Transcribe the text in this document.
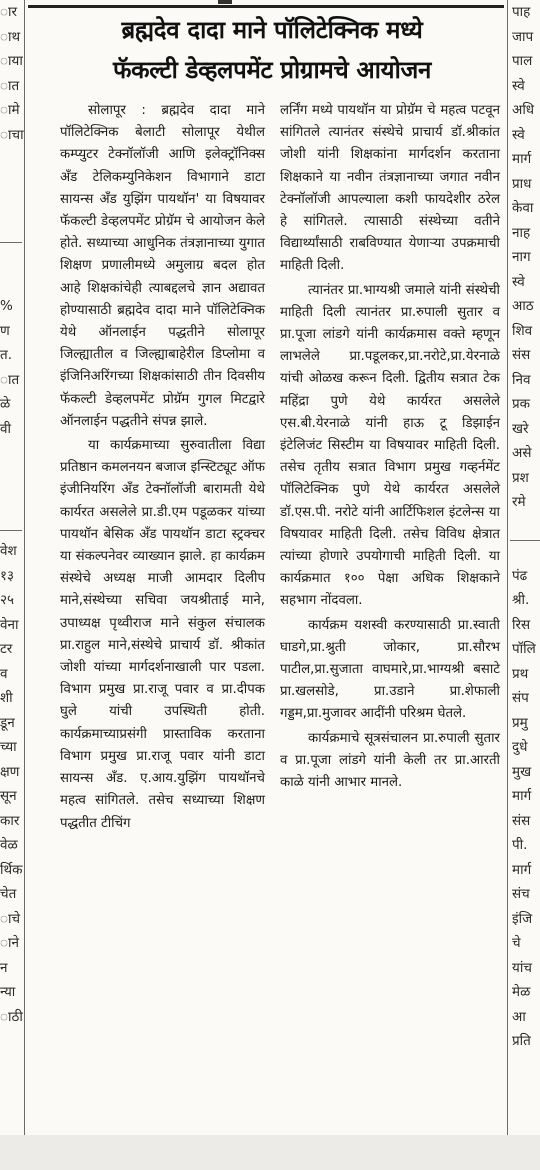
ार
ाथ
ाया
ात
ामे
ाचा
%
ण
त.
ात
ळे
वी
वेश
१३
२५
वेना
टर
व
शी
डून
च्या
क्षण
सून
कार
वेळ
र्थिक
चेत
ाचे
ाने
न
न्या
ाठी
पाह
जाप
पाल
स्वे
अधि
स्वे
मार्ग
प्राध
केवा
नाह
नाग
स्वे
आठ
शिव
संस
निव
प्रक
खरे
असे
प्रश
रमे
पंढ
श्री.
रिस
पॉलि
प्रथ
संप
प्रमु
दुधे
मुख
मार्ग
संस
पी.
मार्ग
संच
इंजि
चे
यांच
मेळ
आ
प्रति
ब्रह्मदेव दादा माने पॉलिटेक्निक मध्ये
फॅकल्टी डेव्हलपमेंट प्रोग्रामचे आयोजन

सोलापूर : ब्रह्मदेव दादा माने पॉलिटेक्निक बेलाटी सोलापूर येथील कम्प्युटर टेक्नॉलॉजी आणि इलेक्ट्रॉनिक्स अँड टेलिकम्युनिकेशन विभागाने डाटा सायन्स अँड युझिंग पायथॉन' या विषयावर फॅकल्टी डेव्हलपमेंट प्रोग्रॅम चे आयोजन केले होते. सध्याच्या आधुनिक तंत्रज्ञानाच्या युगात शिक्षण प्रणालीमध्ये अमुलाग्र बदल होत आहे शिक्षकांचेही त्याबद्दलचे ज्ञान अद्यावत होण्यासाठी ब्रह्मदेव दादा माने पॉलिटेक्निक येथे ऑनलाईन पद्धतीने सोलापूर जिल्ह्यातील व जिल्ह्याबाहेरील डिप्लोमा व इंजिनिअरिंगच्या शिक्षकांसाठी तीन दिवसीय फॅकल्टी डेव्हलपमेंट प्रोग्रॅम गुगल मिटद्वारे ऑनलाईन पद्धतीने संपन्न झाले.

या कार्यक्रमाच्या सुरुवातीला विद्या प्रतिष्ठान कमलनयन बजाज इन्स्टिट्यूट ऑफ इंजीनियरिंग अँड टेक्नॉलॉजी बारामती येथे कार्यरत असलेले प्रा.डी.एम पडूळकर यांच्या पायथॉन बेसिक अँड पायथॉन डाटा स्ट्रक्चर या संकल्पनेवर व्याख्यान झाले. हा कार्यक्रम संस्थेचे अध्यक्ष माजी आमदार दिलीप माने,संस्थेच्या सचिवा जयश्रीताई माने, उपाध्यक्ष पृथ्वीराज माने संकुल संचालक प्रा.राहुल माने,संस्थेचे प्राचार्य डॉ. श्रीकांत जोशी यांच्या मार्गदर्शनाखाली पार पडला. विभाग प्रमुख प्रा.राजू पवार व प्रा.दीपक घुले यांची उपस्थिती होती. कार्यक्रमाच्याप्रसंगी प्रास्ताविक करताना विभाग प्रमुख प्रा.राजू पवार यांनी डाटा सायन्स अँड. ए.आय.युझिंग पायथॉनचे महत्व सांगितले. तसेच सध्याच्या शिक्षण पद्धतीत टीचिंग

लर्निंग मध्ये पायथॉन या प्रोग्रॅम चे महत्व पटवून सांगितले त्यानंतर संस्थेचे प्राचार्य डॉ.श्रीकांत जोशी यांनी शिक्षकांना मार्गदर्शन करताना शिक्षकाने या नवीन तंत्रज्ञानाच्या जगात नवीन टेक्नॉलॉजी आपल्याला कशी फायदेशीर ठरेल हे सांगितले. त्यासाठी संस्थेच्या वतीने विद्यार्थ्यांसाठी राबविण्यात येणाऱ्या उपक्रमाची माहिती दिली.

त्यानंतर प्रा.भाग्यश्री जमाले यांनी संस्थेची माहिती दिली त्यानंतर प्रा.रुपाली सुतार व प्रा.पूजा लांडगे यांनी कार्यक्रमास वक्ते म्हणून लाभलेले प्रा.पडूलकर,प्रा.नरोटे,प्रा.येरनाळे यांची ओळख करून दिली. द्वितीय सत्रात टेक महिंद्रा पुणे येथे कार्यरत असलेले एस.बी.येरनाळे यांनी हाऊ टू डिझाईन इंटेलिजंट सिस्टीम या विषयावर माहिती दिली. तसेच तृतीय सत्रात विभाग प्रमुख गव्हर्नमेंट पॉलिटेक्निक पुणे येथे कार्यरत असलेले डॉ.एस.पी. नरोटे यांनी आर्टिफिशल इंटलेन्स या विषयावर माहिती दिली. तसेच विविध क्षेत्रात त्यांच्या होणारे उपयोगाची माहिती दिली. या कार्यक्रमात १०० पेक्षा अधिक शिक्षकाने सहभाग नोंदवला.

कार्यक्रम यशस्वी करण्यासाठी प्रा.स्वाती घाडगे,प्रा.श्रुती जोकार, प्रा.सौरभ पाटील,प्रा.सुजाता वाघमारे,प्रा.भाग्यश्री बसाटे प्रा.खलसोडे, प्रा.उडाने प्रा.शेफाली गड्डम,प्रा.मुजावर आदींनी परिश्रम घेतले.

कार्यक्रमाचे सूत्रसंचालन प्रा.रुपाली सुतार व प्रा.पूजा लांडगे यांनी केली तर प्रा.आरती काळे यांनी आभार मानले.
